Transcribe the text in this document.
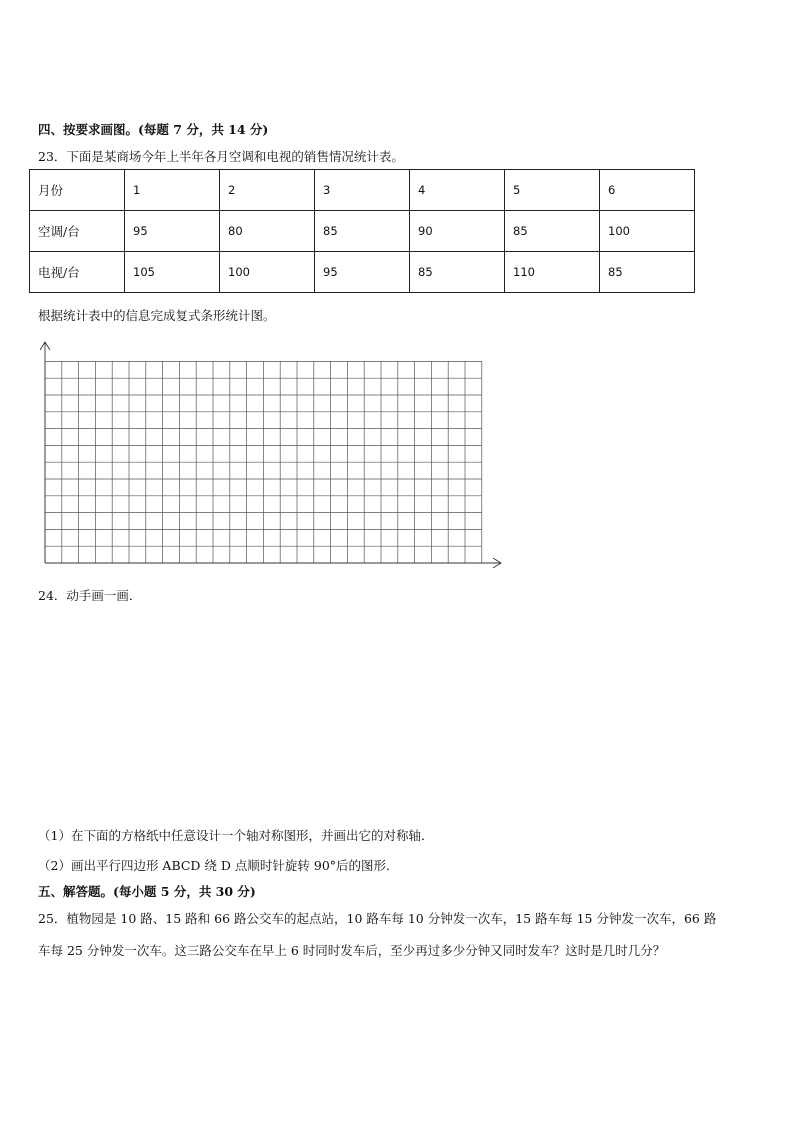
四、按要求画图。(每题 7 分，共 14 分)
23．下面是某商场今年上半年各月空调和电视的销售情况统计表。
月份	1	2	3	4	5	6
空调/台	95	80	85	90	85	100
电视/台	105	100	95	85	110	85
根据统计表中的信息完成复式条形统计图。
24．动手画一画．
（1）在下面的方格纸中任意设计一个轴对称图形，并画出它的对称轴．
（2）画出平行四边形 ABCD 绕 D 点顺时针旋转 90°后的图形．
五、解答题。(每小题 5 分，共 30 分)
25．植物园是 10 路、15 路和 66 路公交车的起点站，10 路车每 10 分钟发一次车，15 路车每 15 分钟发一次车，66 路
车每 25 分钟发一次车。这三路公交车在早上 6 时同时发车后，至少再过多少分钟又同时发车？这时是几时几分？
